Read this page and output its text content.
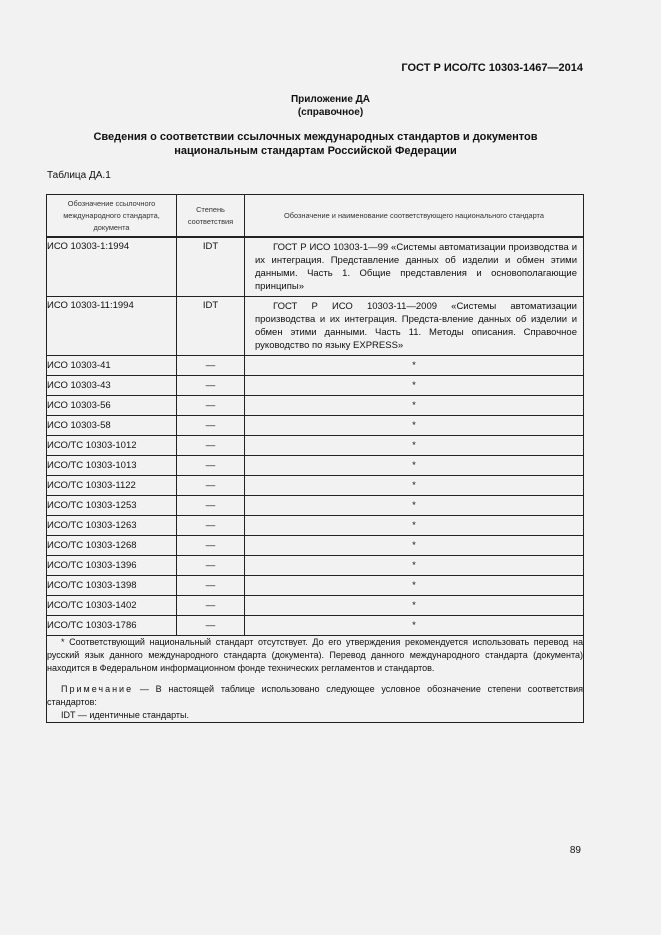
ГОСТ Р ИСО/ТС 10303-1467—2014
Приложение ДА
(справочное)
Сведения о соответствии ссылочных международных стандартов и документов
национальным стандартам Российской Федерации
Таблица ДА.1
Обозначение ссылочного международного стандарта, документа	Степень соответствия	Обозначение и наименование соответствующего национального стандарта
ИСО 10303-1:1994	IDT	ГОСТ Р ИСО 10303-1—99 «Системы автоматизации производства и их интеграция. Представление данных об изделии и обмен этими данными. Часть 1. Общие представления и основополагающие принципы»
ИСО 10303-11:1994	IDT	ГОСТ Р ИСО 10303-11—2009 «Системы автоматизации производства и их интеграция. Предста-вление данных об изделии и обмен этими данными. Часть 11. Методы описания. Справочное руководство по языку EXPRESS»
ИСО 10303-41	—	*
ИСО 10303-43	—	*
ИСО 10303-56	—	*
ИСО 10303-58	—	*
ИСО/ТС 10303-1012	—	*
ИСО/ТС 10303-1013	—	*
ИСО/ТС 10303-1122	—	*
ИСО/ТС 10303-1253	—	*
ИСО/ТС 10303-1263	—	*
ИСО/ТС 10303-1268	—	*
ИСО/ТС 10303-1396	—	*
ИСО/ТС 10303-1398	—	*
ИСО/ТС 10303-1402	—	*
ИСО/ТС 10303-1786	—	*

* Соответствующий национальный стандарт отсутствует. До его утверждения рекомендуется использовать перевод на русский язык данного международного стандарта (документа). Перевод данного международного стандарта (документа) находится в Федеральном информационном фонде технических регламентов и стандартов.

Примечание — В настоящей таблице использовано следующее условное обозначение степени соответствия стандартов:

IDT — идентичные стандарты.		

89
